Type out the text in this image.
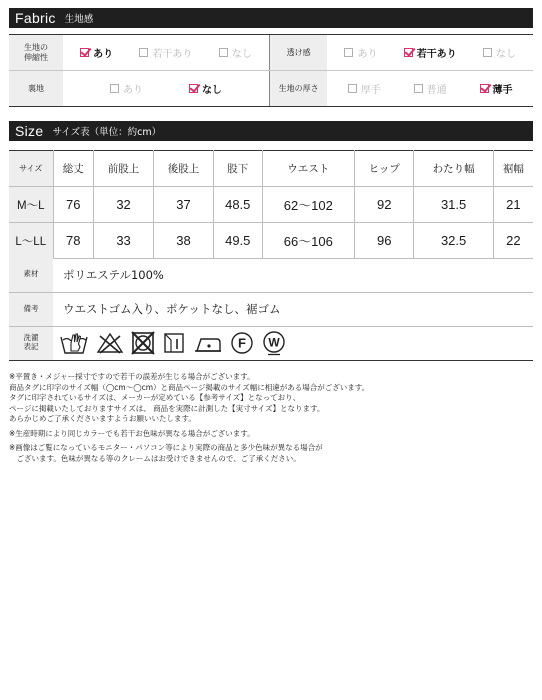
Fabric 生地感
生地の
伸縮性	あり 若干あり なし	透け感	あり 若干あり なし

裏地	あり なし	生地の厚さ	厚手 普通 薄手
Size サイズ表（単位：約cm）
サイズ	総丈	前股上	後股上	股下	ウエスト	ヒップ	わたり幅	裾幅
M〜L	76	32	37	48.5	62〜102	92	31.5	21
L〜LL	78	33	38	49.5	66〜106	96	32.5	22
素材	ポリエステル100%
備考	ウエストゴム入り、ポケットなし、裾ゴム
洗濯
表記	F W

※平置き・メジャー採寸ですので若干の誤差が生じる場合がございます。

商品タグに印字のサイズ幅（◯cm〜◯cm）と商品ページ掲載のサイズ幅に相違がある場合がございます。

タグに印字されているサイズは、メーカーが定めている【参考サイズ】となっており、

ページに掲載いたしておりますサイズは、 商品を実際に計測した【実寸サイズ】となります。

あらかじめご了承くださいますようお願いいたします。

※生産時期により同じカラーでも若干お色味が異なる場合がございます。

※画像はご覧になっているモニター・パソコン等により実際の商品と多少色味が異なる場合が

　ございます。色味が異なる等のクレームはお受けできませんので、ご了承ください。
